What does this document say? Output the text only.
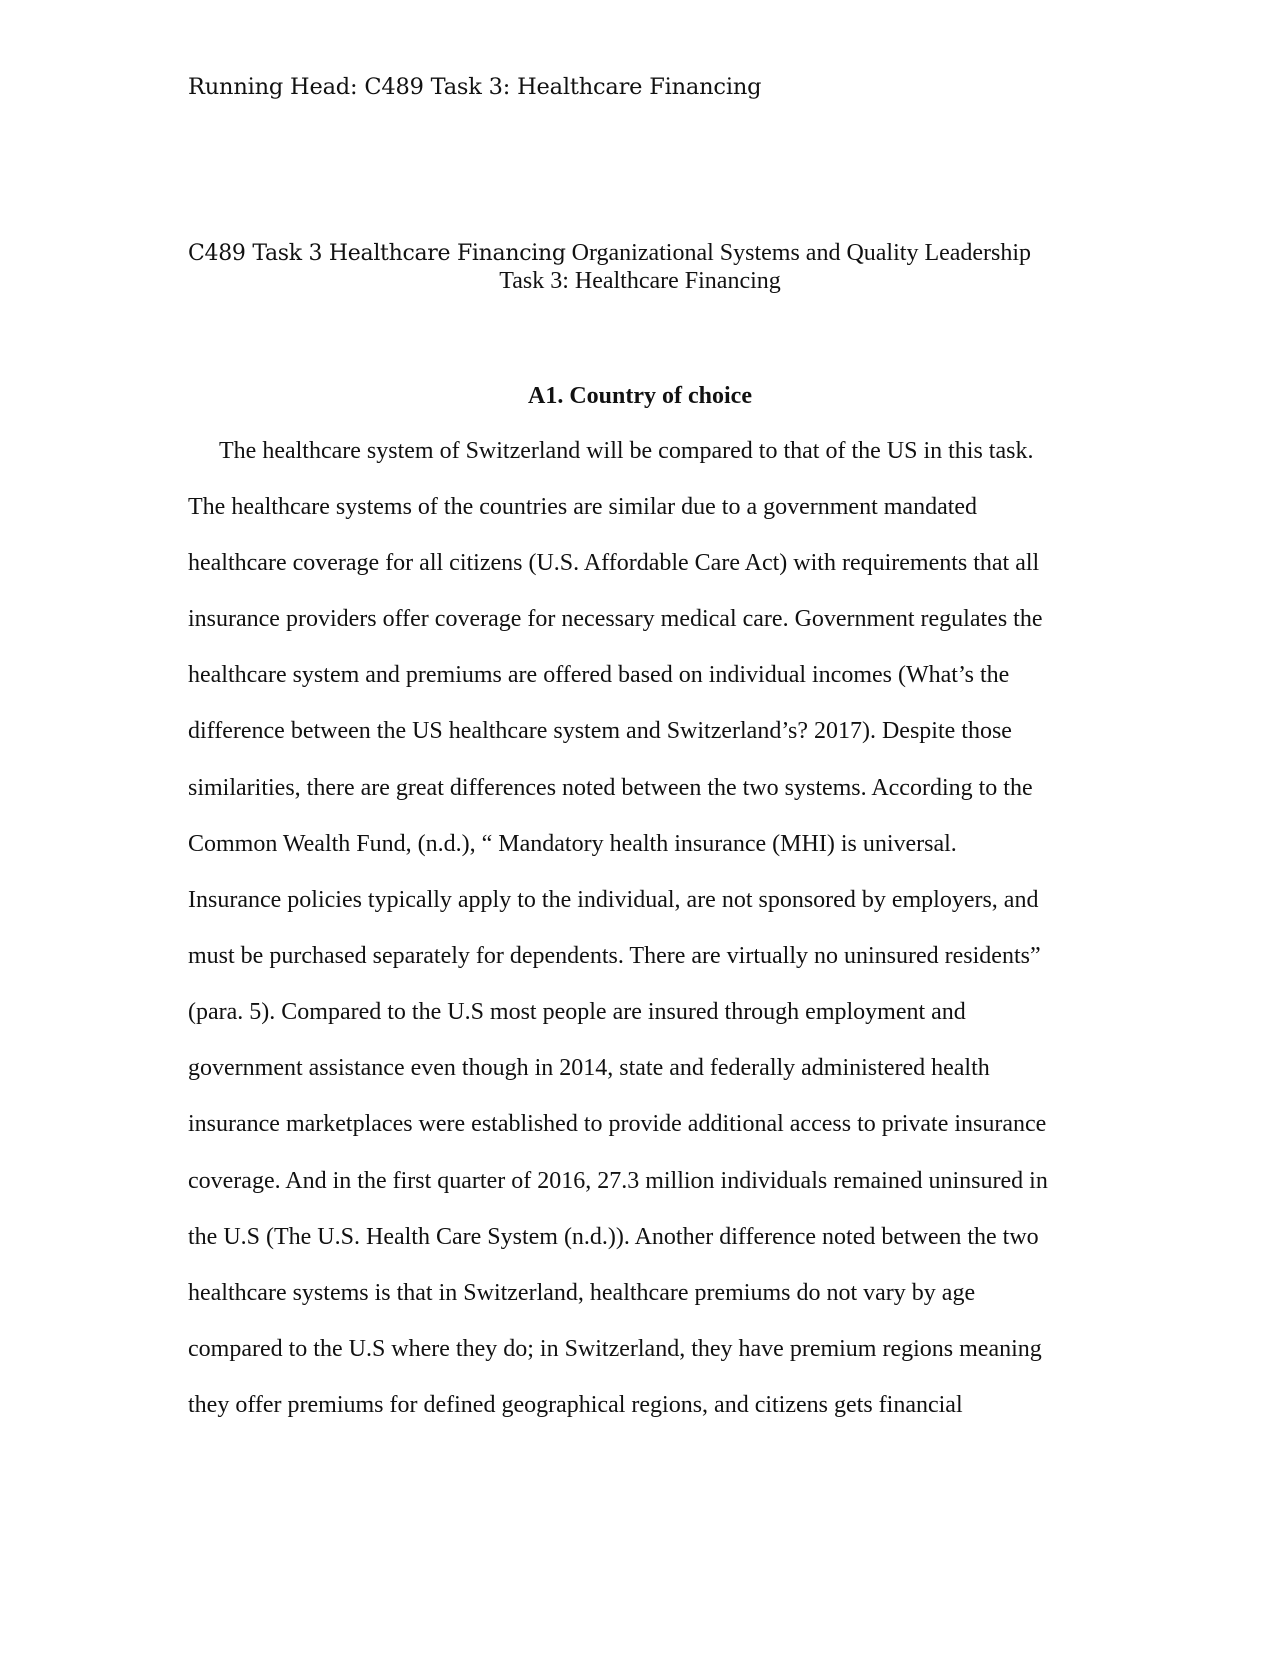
Running Head: C489 Task 3: Healthcare Financing
C489 Task 3 Healthcare Financing Organizational Systems and Quality Leadership
Task 3: Healthcare Financing
A1. Country of choice
The healthcare system of Switzerland will be compared to that of the US in this task.
The healthcare systems of the countries are similar due to a government mandated
healthcare coverage for all citizens (U.S. Affordable Care Act) with requirements that all
insurance providers offer coverage for necessary medical care. Government regulates the
healthcare system and premiums are offered based on individual incomes (What’s the
difference between the US healthcare system and Switzerland’s? 2017). Despite those
similarities, there are great differences noted between the two systems. According to the
Common Wealth Fund, (n.d.), “ Mandatory health insurance (MHI) is universal.
Insurance policies typically apply to the individual, are not sponsored by employers, and
must be purchased separately for dependents. There are virtually no uninsured residents”
(para. 5). Compared to the U.S most people are insured through employment and
government assistance even though in 2014, state and federally administered health
insurance marketplaces were established to provide additional access to private insurance
coverage. And in the first quarter of 2016, 27.3 million individuals remained uninsured in
the U.S (The U.S. Health Care System (n.d.)). Another difference noted between the two
healthcare systems is that in Switzerland, healthcare premiums do not vary by age
compared to the U.S where they do; in Switzerland, they have premium regions meaning
they offer premiums for defined geographical regions, and citizens gets financial
